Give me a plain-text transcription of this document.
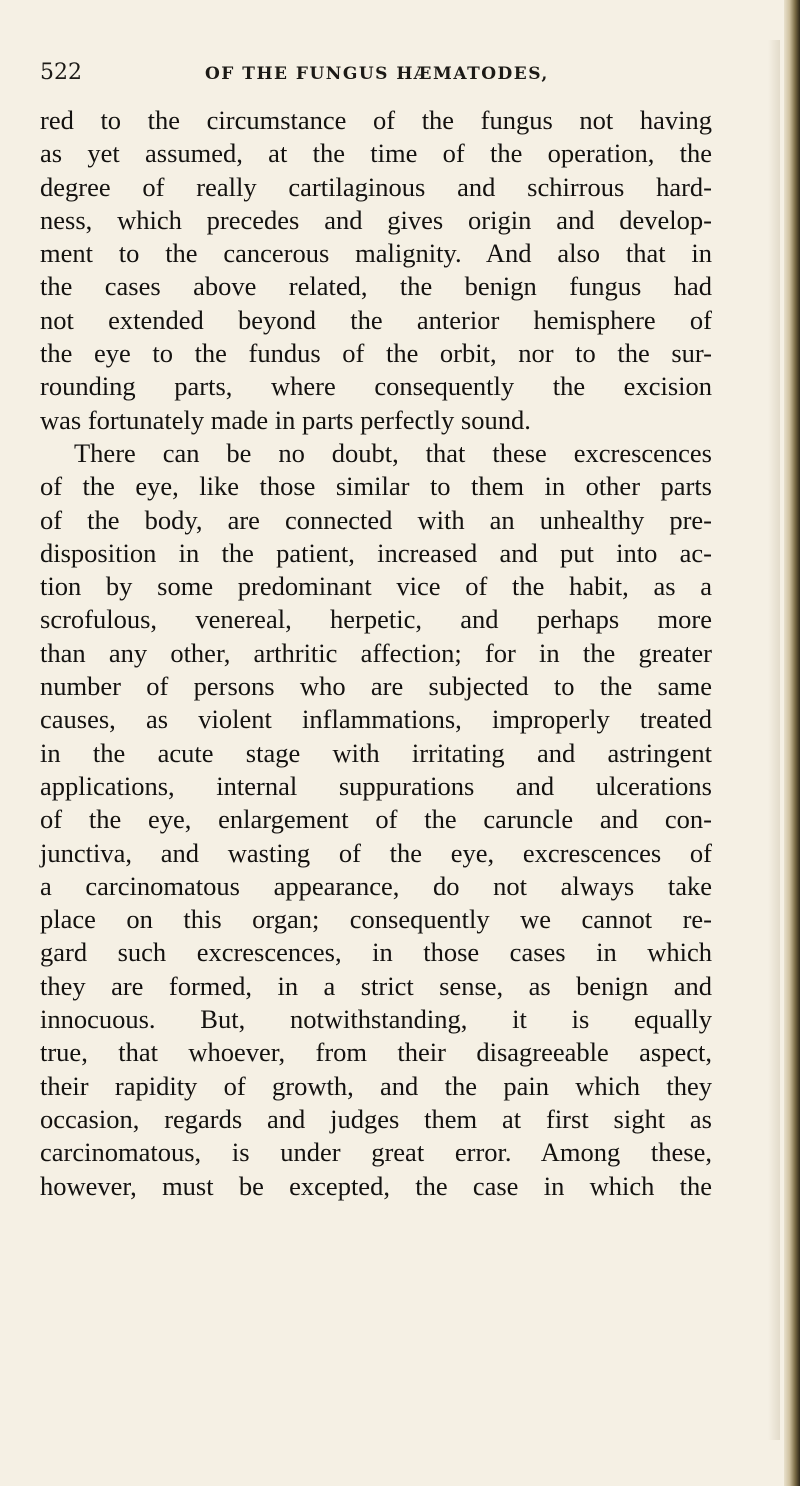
522	OF THE FUNGUS HÆMATODES,
red to the circumstance of the fungus not having
as yet assumed, at the time of the operation, the
degree of really cartilaginous and schirrous hard-
ness, which precedes and gives origin and develop-
ment to the cancerous malignity. And also that in
the cases above related, the benign fungus had
not extended beyond the anterior hemisphere of
the eye to the fundus of the orbit, nor to the sur-
rounding parts, where consequently the excision
was fortunately made in parts perfectly sound.
There can be no doubt, that these excrescences
of the eye, like those similar to them in other parts
of the body, are connected with an unhealthy pre-
disposition in the patient, increased and put into ac-
tion by some predominant vice of the habit, as a
scrofulous, venereal, herpetic, and perhaps more
than any other, arthritic affection; for in the greater
number of persons who are subjected to the same
causes, as violent inflammations, improperly treated
in the acute stage with irritating and astringent
applications, internal suppurations and ulcerations
of the eye, enlargement of the caruncle and con-
junctiva, and wasting of the eye, excrescences of
a carcinomatous appearance, do not always take
place on this organ; consequently we cannot re-
gard such excrescences, in those cases in which
they are formed, in a strict sense, as benign and
innocuous. But, notwithstanding, it is equally
true, that whoever, from their disagreeable aspect,
their rapidity of growth, and the pain which they
occasion, regards and judges them at first sight as
carcinomatous, is under great error. Among these,
however, must be excepted, the case in which the
